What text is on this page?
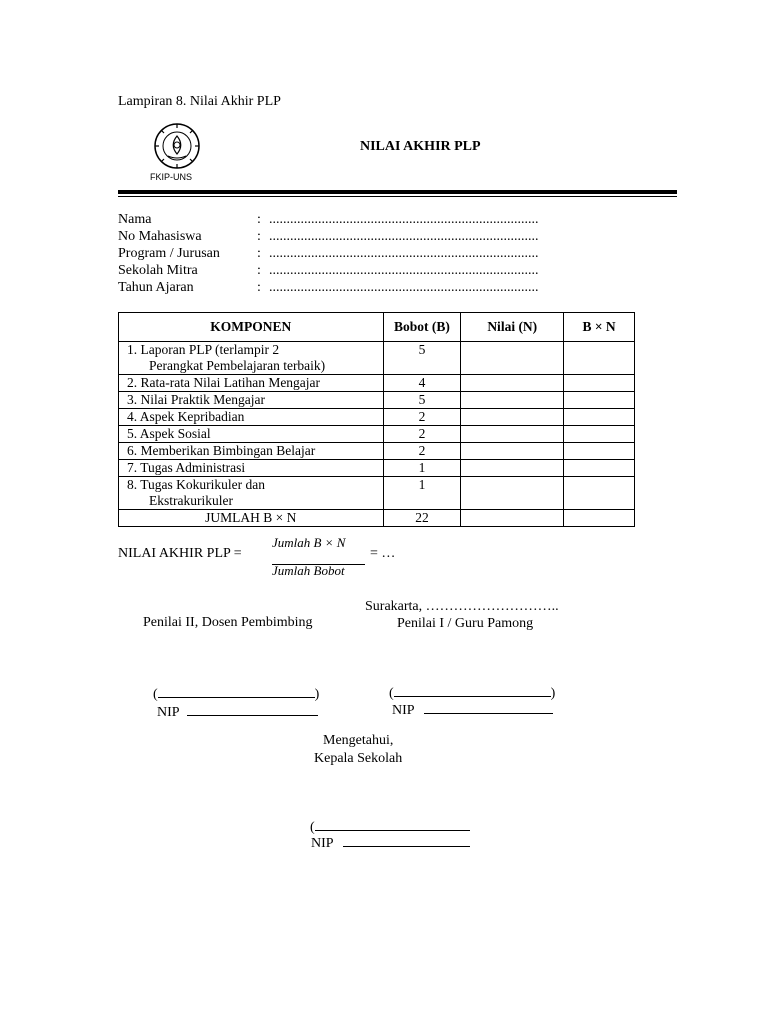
Lampiran 8. Nilai Akhir PLP
FKIP-UNS
NILAI AKHIR PLP
Nama	: .............................................................................
No Mahasiswa	: .............................................................................
Program / Jurusan	: .............................................................................
Sekolah Mitra	: .............................................................................
Tahun Ajaran	: .............................................................................
KOMPONEN	Bobot (B)	Nilai (N)	B × N

1. Laporan PLP (terlampir 2
Perangkat Pembelajaran terbaik)	5		
2. Rata-rata Nilai Latihan Mengajar	4		
3. Nilai Praktik Mengajar	5		
4. Aspek Kepribadian	2		
5. Aspek Sosial	2		
6. Memberikan Bimbingan Belajar	2		
7. Tugas Administrasi	1		

8. Tugas Kokurikuler dan
Ekstrakurikuler	1		
JUMLAH B × N	22		
NILAI AKHIR PLP =
Jumlah B × N
Jumlah Bobot
= …
Surakarta, ………………………..
Penilai II, Dosen Pembimbing	Penilai I / Guru Pamong
(	)
NIP
(	)
NIP
Mengetahui,
Kepala Sekolah
(
NIP
